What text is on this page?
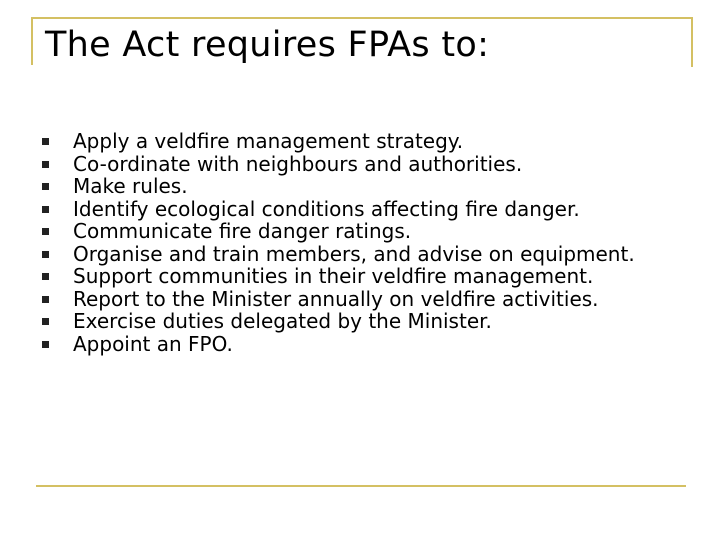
The Act requires FPAs to:
Apply a veldfire management strategy.
Co-ordinate with neighbours and authorities.
Make rules.
Identify ecological conditions affecting fire danger.
Communicate fire danger ratings.
Organise and train members, and advise on equipment.
Support communities in their veldfire management.
Report to the Minister annually on veldfire activities.
Exercise duties delegated by the Minister.
Appoint an FPO.
